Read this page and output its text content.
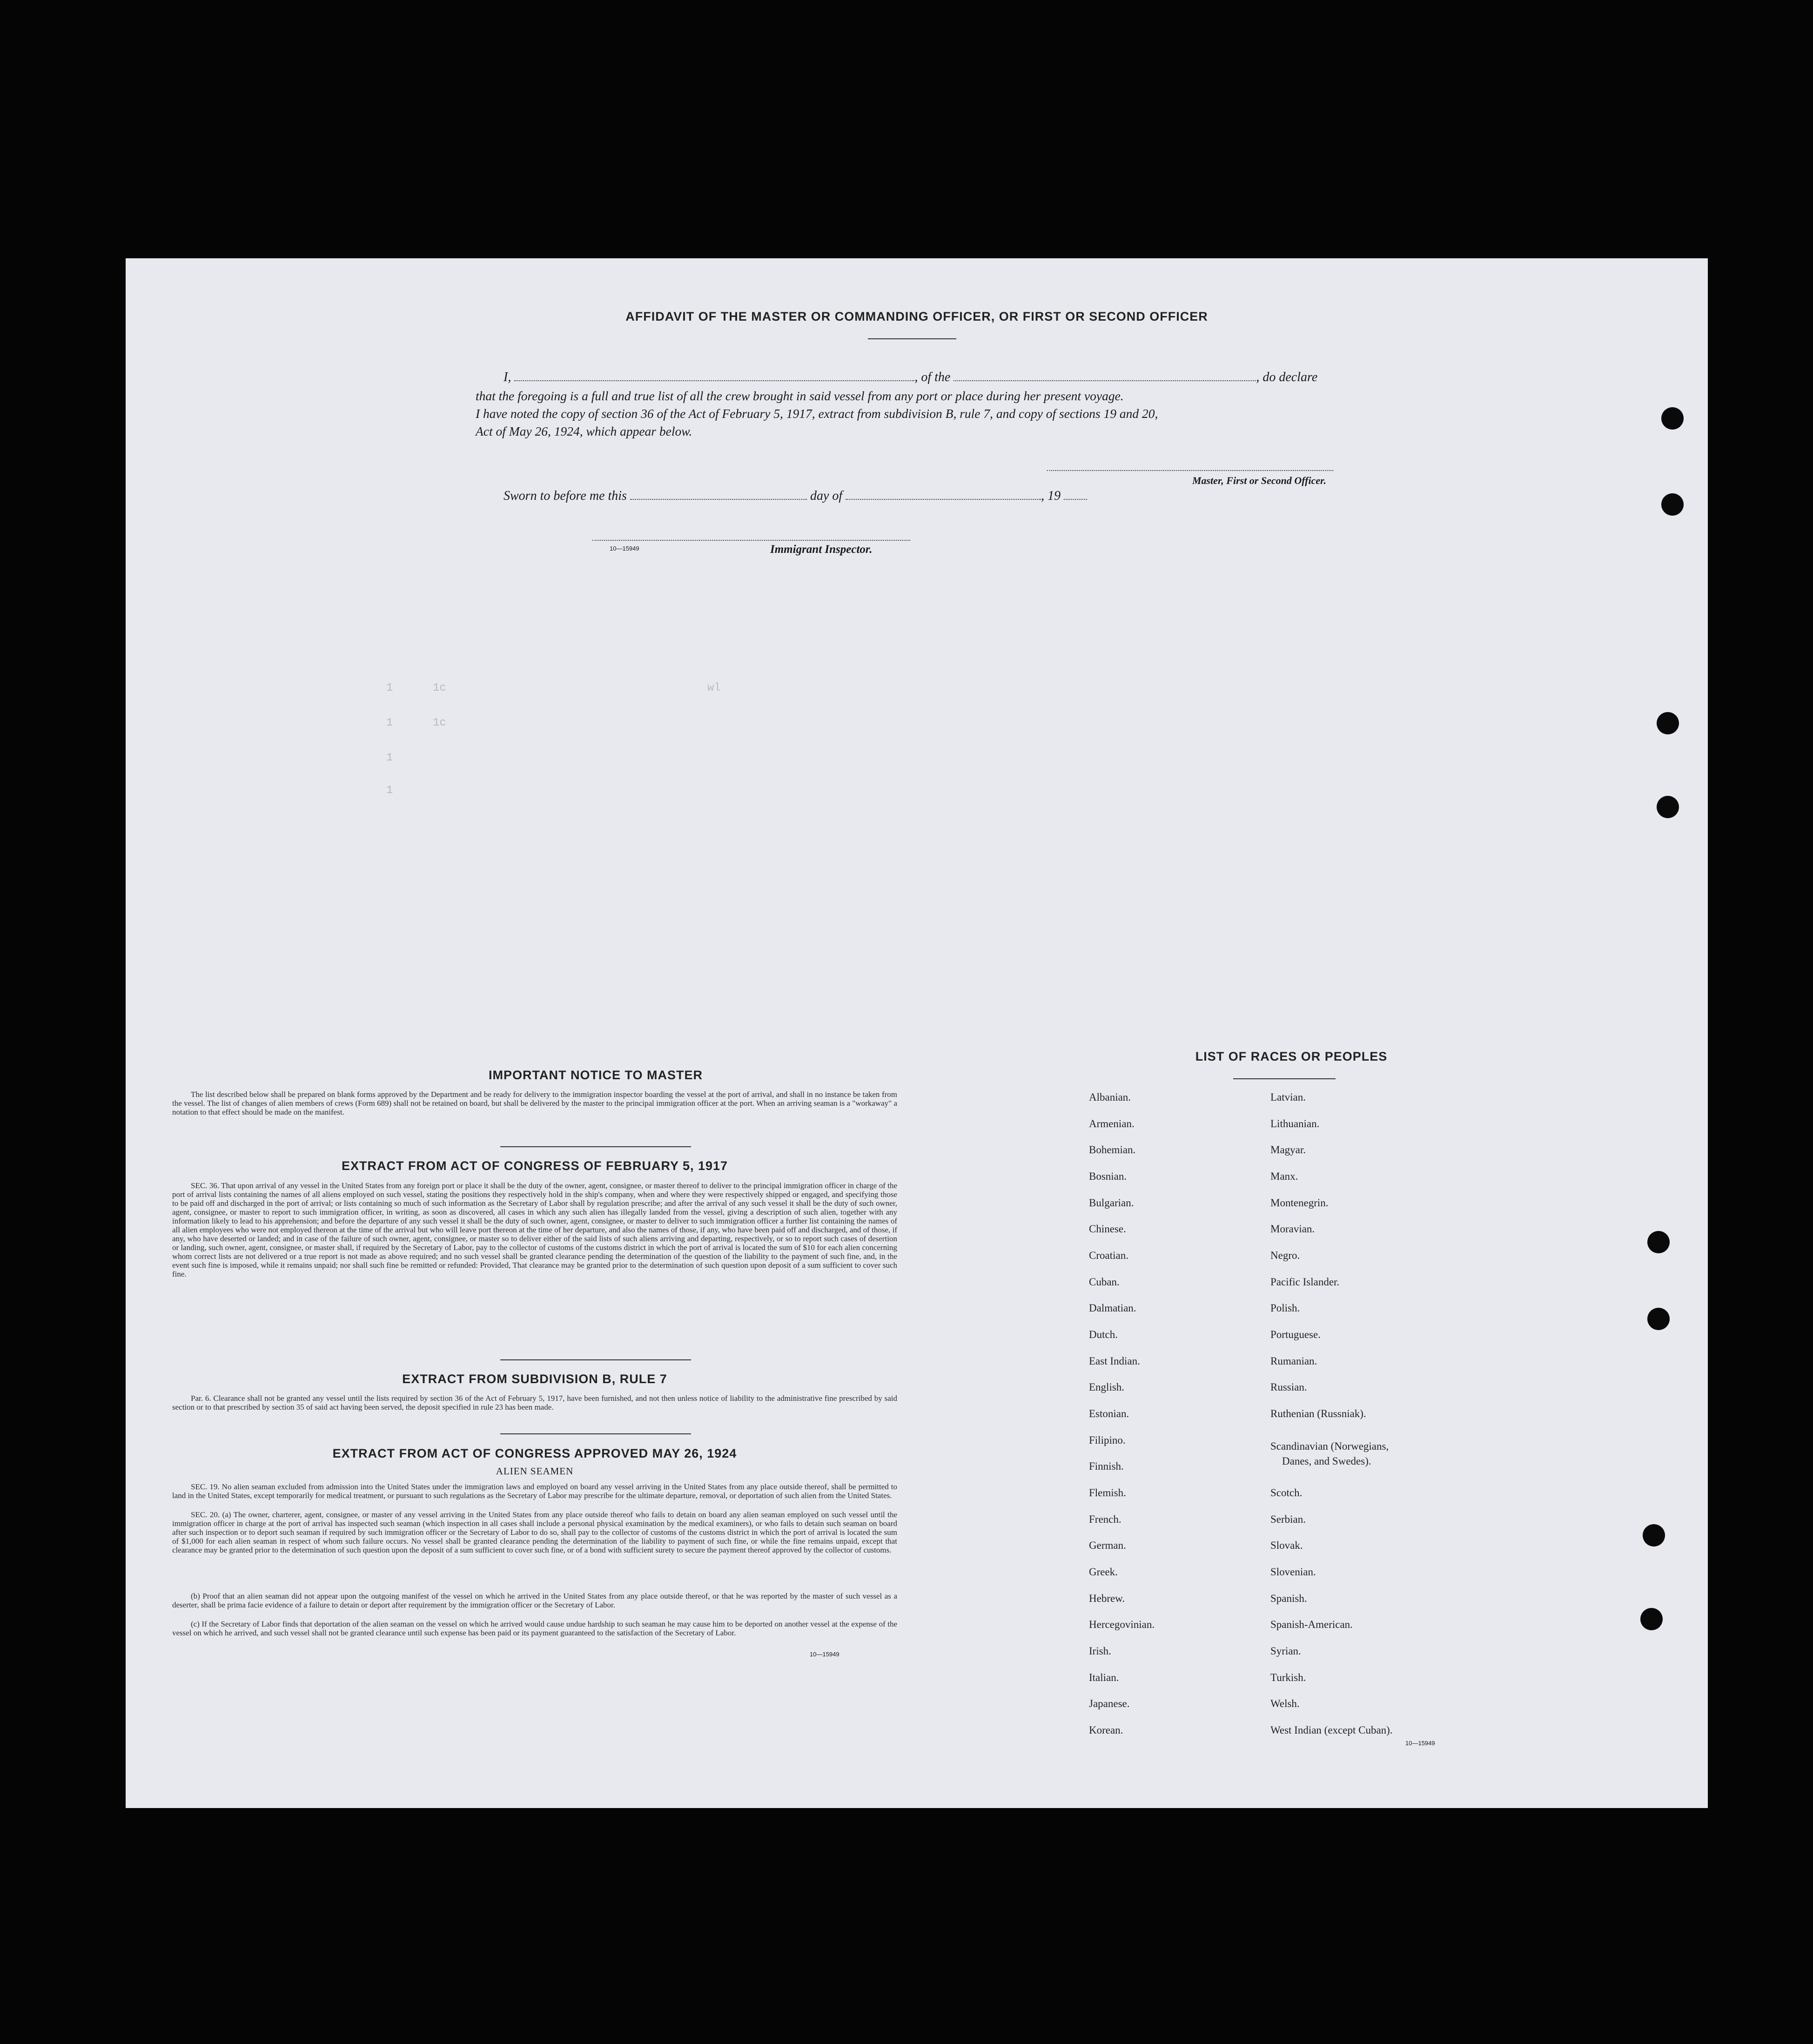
1
1
1
1
1c
1c
wl
AFFIDAVIT OF THE MASTER OR COMMANDING OFFICER, OR FIRST OR SECOND OFFICER
I,	, of the	, do declare
that the foregoing is a full and true list of all the crew brought in said vessel from any port or place during her present voyage.
I have noted the copy of section 36 of the Act of February 5, 1917, extract from subdivision B, rule 7, and copy of sections 19 and 20,
Act of May 26, 1924, which appear below.
Master, First or Second Officer.
Sworn to before me this	day of	, 19
10—15949	Immigrant Inspector.
IMPORTANT NOTICE TO MASTER
The list described below shall be prepared on blank forms approved by the Department and be ready for delivery to the immigration inspector boarding the vessel at the port of arrival, and shall in no instance be taken from the vessel. The list of changes of alien members of crews (Form 689) shall not be retained on board, but shall be delivered by the master to the principal immigration officer at the port. When an arriving seaman is a "workaway" a notation to that effect should be made on the manifest.
EXTRACT FROM ACT OF CONGRESS OF FEBRUARY 5, 1917
SEC. 36. That upon arrival of any vessel in the United States from any foreign port or place it shall be the duty of the owner, agent, consignee, or master thereof to deliver to the principal immigration officer in charge of the port of arrival lists containing the names of all aliens employed on such vessel, stating the positions they respectively hold in the ship's company, when and where they were respectively shipped or engaged, and specifying those to be paid off and discharged in the port of arrival; or lists containing so much of such information as the Secretary of Labor shall by regulation prescribe; and after the arrival of any such vessel it shall be the duty of such owner, agent, consignee, or master to report to such immigration officer, in writing, as soon as discovered, all cases in which any such alien has illegally landed from the vessel, giving a description of such alien, together with any information likely to lead to his apprehension; and before the departure of any such vessel it shall be the duty of such owner, agent, consignee, or master to deliver to such immigration officer a further list containing the names of all alien employees who were not employed thereon at the time of the arrival but who will leave port thereon at the time of her departure, and also the names of those, if any, who have been paid off and discharged, and of those, if any, who have deserted or landed; and in case of the failure of such owner, agent, consignee, or master so to deliver either of the said lists of such aliens arriving and departing, respectively, or so to report such cases of desertion or landing, such owner, agent, consignee, or master shall, if required by the Secretary of Labor, pay to the collector of customs of the customs district in which the port of arrival is located the sum of $10 for each alien concerning whom correct lists are not delivered or a true report is not made as above required; and no such vessel shall be granted clearance pending the determination of the question of the liability to the payment of such fine, and, in the event such fine is imposed, while it remains unpaid; nor shall such fine be remitted or refunded: Provided, That clearance may be granted prior to the determination of such question upon deposit of a sum sufficient to cover such fine.
EXTRACT FROM SUBDIVISION B, RULE 7
Par. 6. Clearance shall not be granted any vessel until the lists required by section 36 of the Act of February 5, 1917, have been furnished, and not then unless notice of liability to the administrative fine prescribed by said section or to that prescribed by section 35 of said act having been served, the deposit specified in rule 23 has been made.
EXTRACT FROM ACT OF CONGRESS APPROVED MAY 26, 1924
ALIEN SEAMEN
SEC. 19. No alien seaman excluded from admission into the United States under the immigration laws and employed on board any vessel arriving in the United States from any place outside thereof, shall be permitted to land in the United States, except temporarily for medical treatment, or pursuant to such regulations as the Secretary of Labor may prescribe for the ultimate departure, removal, or deportation of such alien from the United States.
SEC. 20. (a) The owner, charterer, agent, consignee, or master of any vessel arriving in the United States from any place outside thereof who fails to detain on board any alien seaman employed on such vessel until the immigration officer in charge at the port of arrival has inspected such seaman (which inspection in all cases shall include a personal physical examination by the medical examiners), or who fails to detain such seaman on board after such inspection or to deport such seaman if required by such immigration officer or the Secretary of Labor to do so, shall pay to the collector of customs of the customs district in which the port of arrival is located the sum of $1,000 for each alien seaman in respect of whom such failure occurs. No vessel shall be granted clearance pending the determination of the liability to payment of such fine, or while the fine remains unpaid, except that clearance may be granted prior to the determination of such question upon the deposit of a sum sufficient to cover such fine, or of a bond with sufficient surety to secure the payment thereof approved by the collector of customs.
(b) Proof that an alien seaman did not appear upon the outgoing manifest of the vessel on which he arrived in the United States from any place outside thereof, or that he was reported by the master of such vessel as a deserter, shall be prima facie evidence of a failure to detain or deport after requirement by the immigration officer or the Secretary of Labor.
(c) If the Secretary of Labor finds that deportation of the alien seaman on the vessel on which he arrived would cause undue hardship to such seaman he may cause him to be deported on another vessel at the expense of the vessel on which he arrived, and such vessel shall not be granted clearance until such expense has been paid or its payment guaranteed to the satisfaction of the Secretary of Labor.
10—15949
LIST OF RACES OR PEOPLES
Albanian.
Armenian.
Bohemian.
Bosnian.
Bulgarian.
Chinese.
Croatian.
Cuban.
Dalmatian.
Dutch.
East Indian.
English.
Estonian.
Filipino.
Finnish.
Flemish.
French.
German.
Greek.
Hebrew.
Hercegovinian.
Irish.
Italian.
Japanese.
Korean.
Latvian.
Lithuanian.
Magyar.
Manx.
Montenegrin.
Moravian.
Negro.
Pacific Islander.
Polish.
Portuguese.
Rumanian.
Russian.
Ruthenian (Russniak).
Scandinavian (Norwegians,
Danes, and Swedes).
Scotch.
Serbian.
Slovak.
Slovenian.
Spanish.
Spanish-American.
Syrian.
Turkish.
Welsh.
West Indian (except Cuban).
10—15949
